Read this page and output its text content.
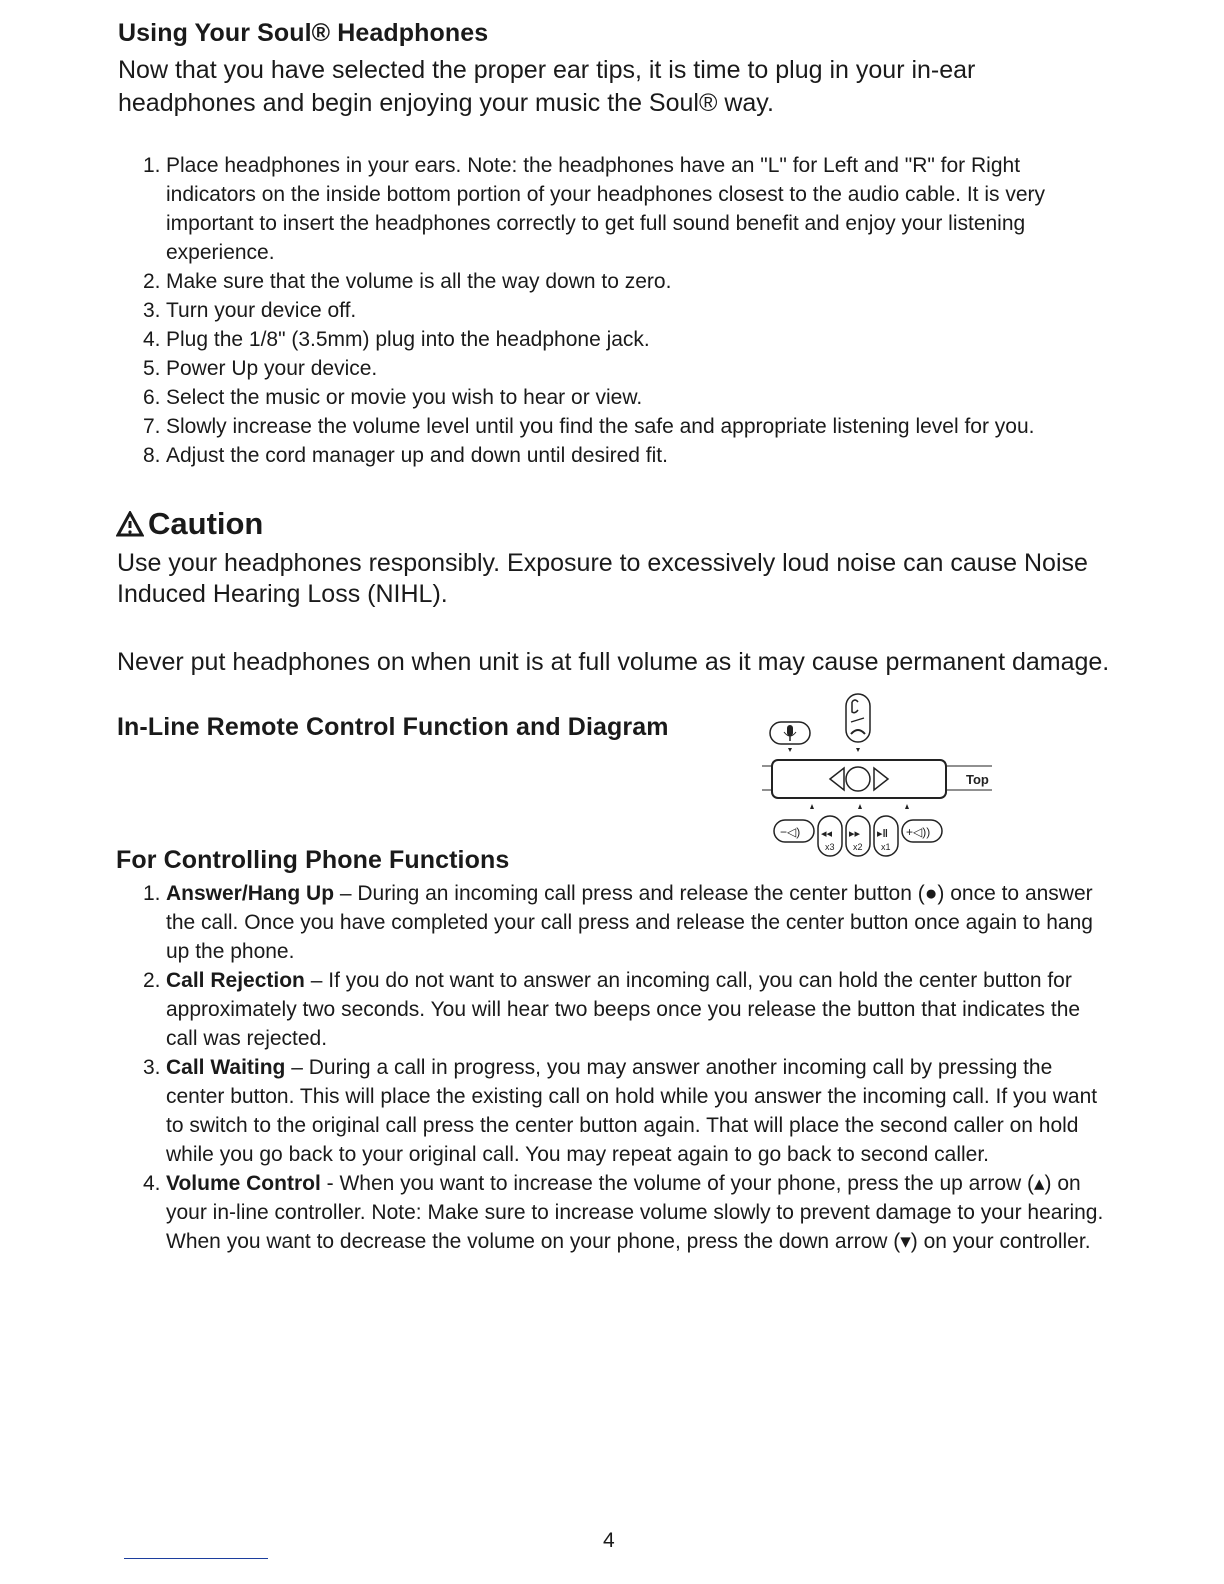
Using Your Soul® Headphones
Now that you have selected the proper ear tips, it is time to plug in your in-ear headphones and begin enjoying your music the Soul® way.
1. Place headphones in your ears. Note: the headphones have an "L" for Left and "R" for Right indicators on the inside bottom portion of your headphones closest to the audio cable. It is very important to insert the headphones correctly to get full sound benefit and enjoy your listening experience.
2. Make sure that the volume is all the way down to zero.
3. Turn your device off.
4. Plug the 1/8" (3.5mm) plug into the headphone jack.
5. Power Up your device.
6. Select the music or movie you wish to hear or view.
7. Slowly increase the volume level until you find the safe and appropriate listening level for you.
8. Adjust the cord manager up and down until desired fit.
Caution
Use your headphones responsibly. Exposure to excessively loud noise can cause Noise Induced Hearing Loss (NIHL).
Never put headphones on when unit is at full volume as it may cause permanent damage.
In-Line Remote Control Function and Diagram
Top
−◁) ◂◂
x3
▸▸
x2
▸‖
x1
+◁))
For Controlling Phone Functions
1. Answer/Hang Up – During an incoming call press and release the center button (●) once to answer the call. Once you have completed your call press and release the center button once again to hang up the phone.
2. Call Rejection – If you do not want to answer an incoming call, you can hold the center button for approximately two seconds. You will hear two beeps once you release the button that indicates the call was rejected.
3. Call Waiting – During a call in progress, you may answer another incoming call by pressing the center button. This will place the existing call on hold while you answer the incoming call. If you want to switch to the original call press the center button again. That will place the second caller on hold while you go back to your original call. You may repeat again to go back to second caller.
4. Volume Control - When you want to increase the volume of your phone, press the up arrow (▴) on your in-line controller. Note: Make sure to increase volume slowly to prevent damage to your hearing. When you want to decrease the volume on your phone, press the down arrow (▾) on your controller.
4
